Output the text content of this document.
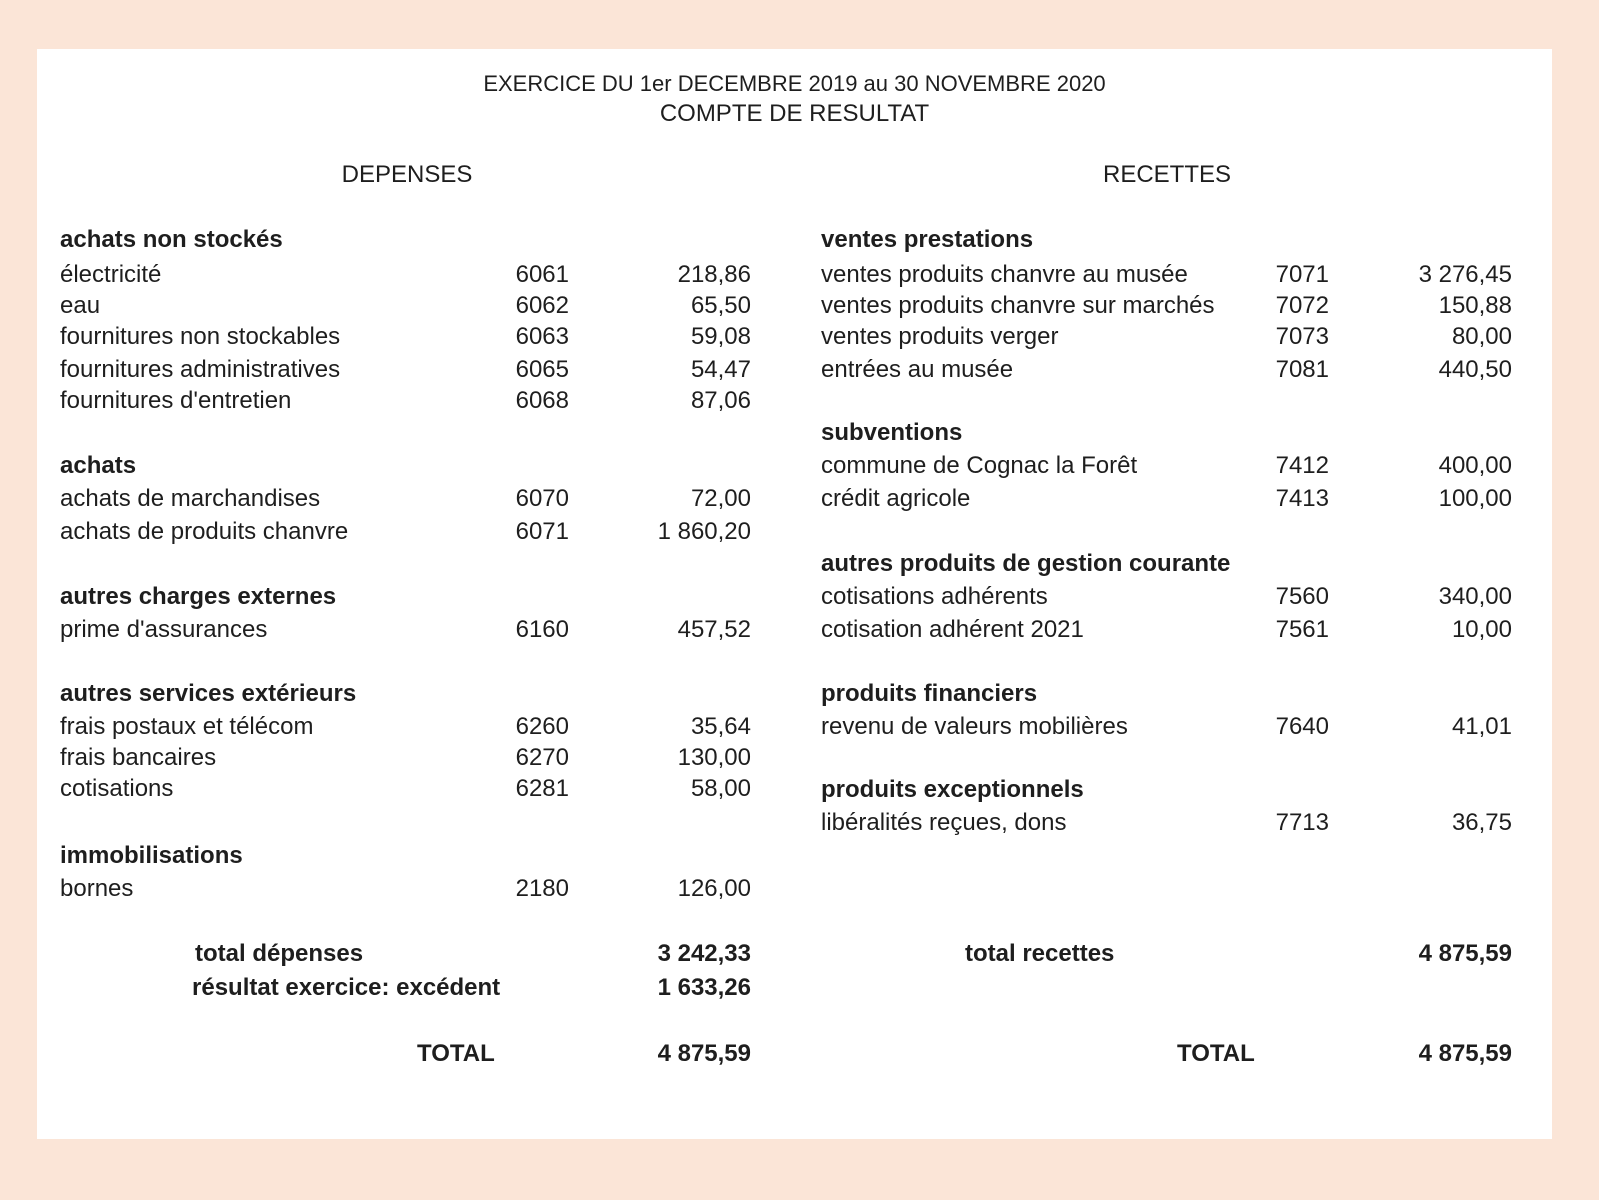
EXERCICE DU 1er DECEMBRE 2019 au 30 NOVEMBRE 2020
COMPTE DE RESULTAT
DEPENSES	RECETTES
achats non stockés
électricité	6061	218,86
eau	6062	65,50
fournitures non stockables	6063	59,08
fournitures administratives	6065	54,47
fournitures d'entretien	6068	87,06
achats
achats de marchandises	6070	72,00
achats de produits chanvre	6071	1 860,20
autres charges externes
prime d'assurances	6160	457,52
autres services extérieurs
frais postaux et télécom	6260	35,64
frais bancaires	6270	130,00
cotisations	6281	58,00
immobilisations
bornes	2180	126,00
ventes prestations
ventes produits chanvre au musée	7071	3 276,45
ventes produits chanvre sur marchés	7072	150,88
ventes produits verger	7073	80,00
entrées au musée	7081	440,50
subventions
commune de Cognac la Forêt	7412	400,00
crédit agricole	7413	100,00
autres produits de gestion courante
cotisations adhérents	7560	340,00
cotisation adhérent 2021	7561	10,00
produits financiers
revenu de valeurs mobilières	7640	41,01
produits exceptionnels
libéralités reçues, dons	7713	36,75
total dépenses	3 242,33
résultat exercice: excédent	1 633,26
TOTAL	4 875,59
total recettes	4 875,59
TOTAL	4 875,59
